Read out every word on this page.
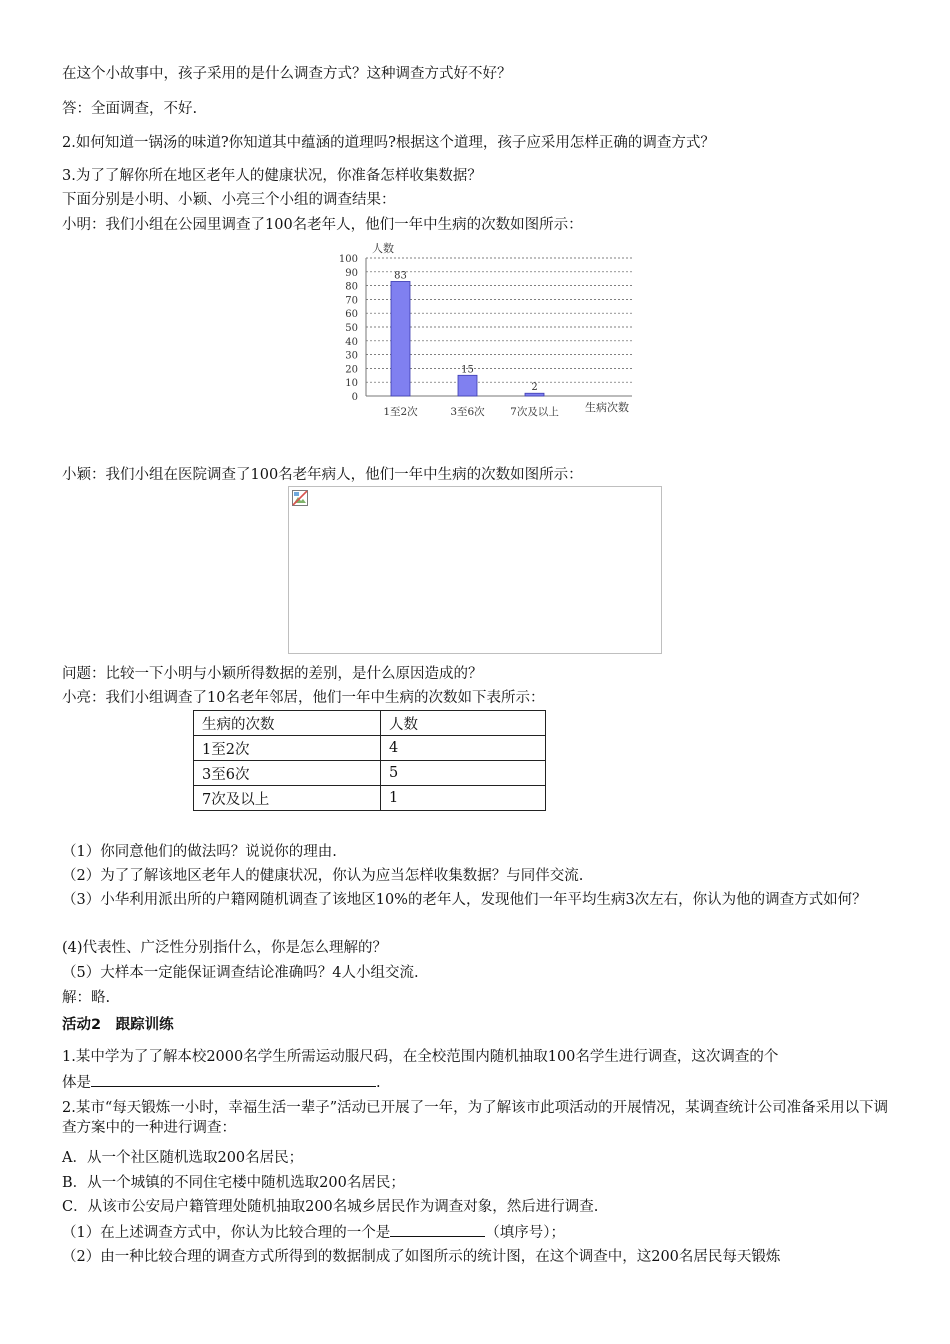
在这个小故事中，孩子采用的是什么调查方式？这种调查方式好不好？
答：全面调查，不好.
2.如何知道一锅汤的味道?你知道其中蕴涵的道理吗?根据这个道理，孩子应采用怎样正确的调查方式？
3.为了了解你所在地区老年人的健康状况，你准备怎样收集数据？
下面分别是小明、小颖、小亮三个小组的调查结果：
小明：我们小组在公园里调查了100名老年人，他们一年中生病的次数如图所示：
0
10
20
30
40
50
60
70
80
90
100
83
15
2
1至2次	3至6次 7次及以上
人数
生病次数
小颖：我们小组在医院调查了100名老年病人，他们一年中生病的次数如图所示：
问题：比较一下小明与小颖所得数据的差别，是什么原因造成的？
小亮：我们小组调查了10名老年邻居，他们一年中生病的次数如下表所示：
生病的次数	人数
1至2次	4
3至6次	5
7次及以上	1
（1）你同意他们的做法吗？说说你的理由.
（2）为了了解该地区老年人的健康状况，你认为应当怎样收集数据？与同伴交流.
（3）小华利用派出所的户籍网随机调查了该地区10%的老年人，发现他们一年平均生病3次左右，你认为他的调查方式如何？
(4)代表性、广泛性分别指什么，你是怎么理解的？
（5）大样本一定能保证调查结论准确吗？4人小组交流.
解：略.
活动2　跟踪训练
1.某中学为了了解本校2000名学生所需运动服尺码，在全校范围内随机抽取100名学生进行调查，这次调查的个
体是	.
2.某市“每天锻炼一小时，幸福生活一辈子”活动已开展了一年，为了解该市此项活动的开展情况，某调查统计公司准备采用以下调查方案中的一种进行调查：
A．从一个社区随机选取200名居民；
B．从一个城镇的不同住宅楼中随机选取200名居民；
C．从该市公安局户籍管理处随机抽取200名城乡居民作为调查对象，然后进行调查.
（1）在上述调查方式中，你认为比较合理的一个是	（填序号）；
（2）由一种比较合理的调查方式所得到的数据制成了如图所示的统计图，在这个调查中，这200名居民每天锻炼
